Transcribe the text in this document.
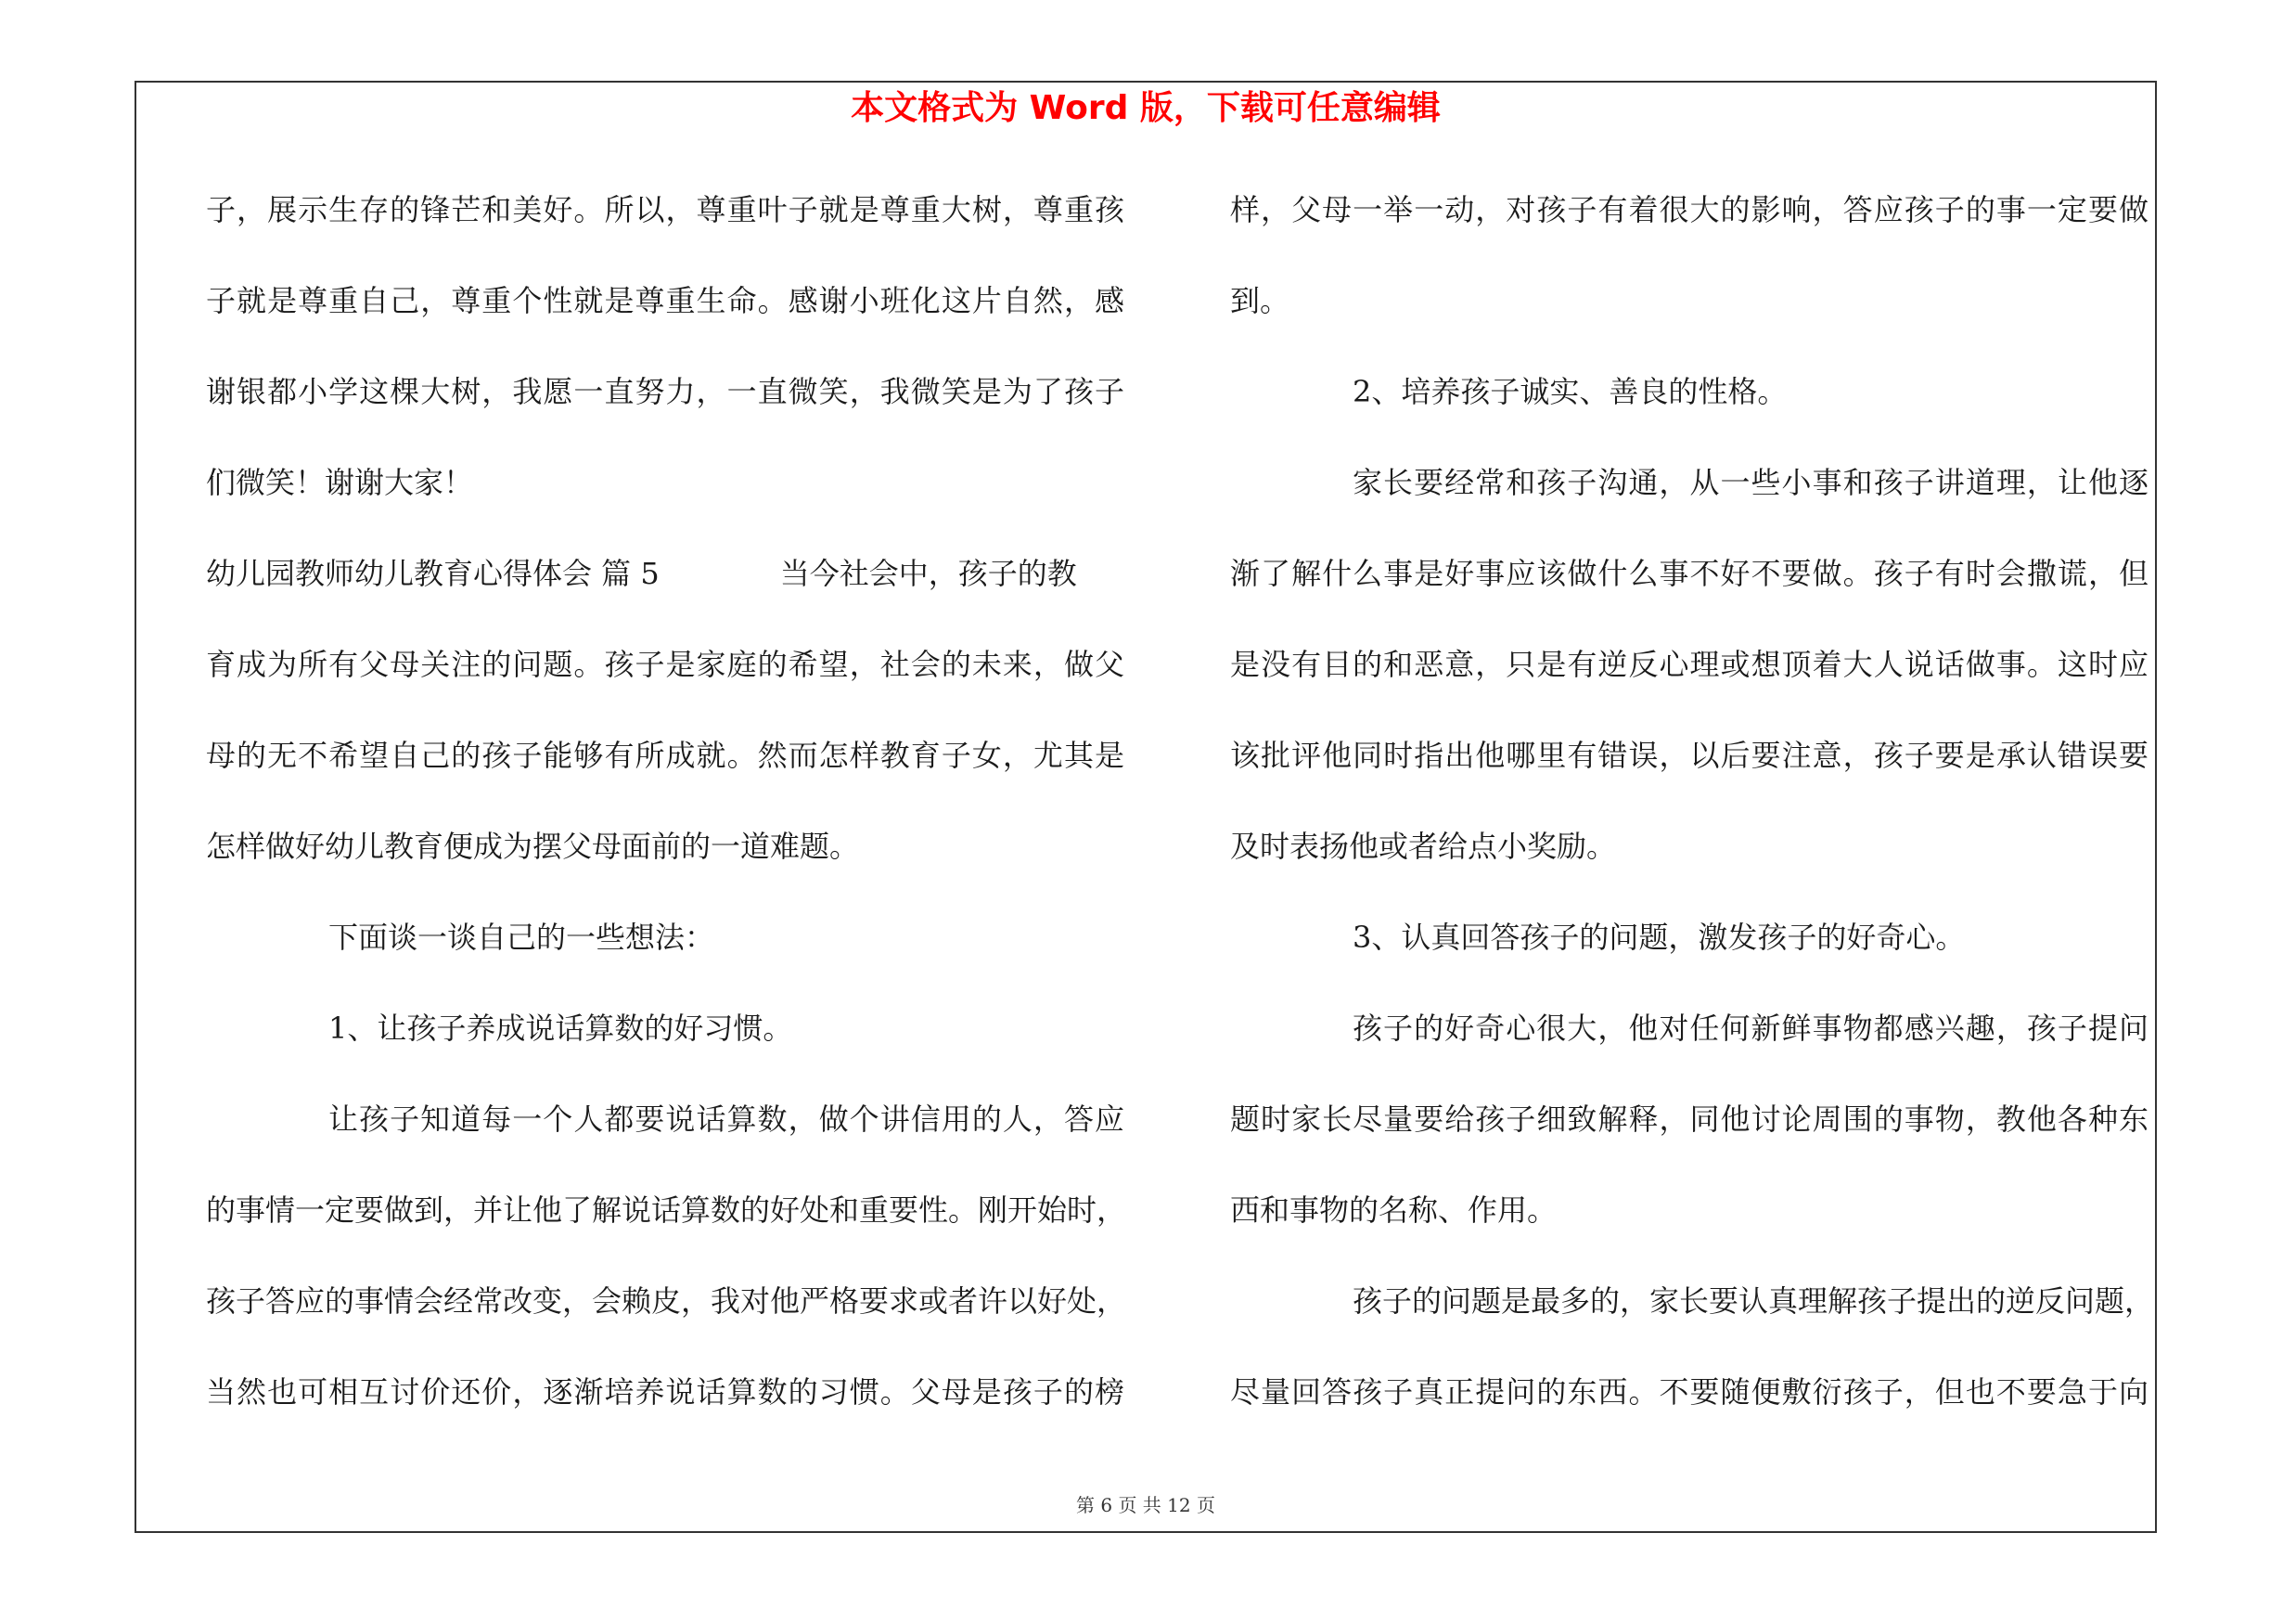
本文格式为 Word 版，下载可任意编辑
子，展示生存的锋芒和美好。所以，尊重叶子就是尊重大树，尊重孩
子就是尊重自己，尊重个性就是尊重生命。感谢小班化这片自然，感
谢银都小学这棵大树，我愿一直努力，一直微笑，我微笑是为了孩子
们微笑！谢谢大家！
幼儿园教师幼儿教育心得体会 篇 5	当今社会中，孩子的教
育成为所有父母关注的问题。孩子是家庭的希望，社会的未来，做父
母的无不希望自己的孩子能够有所成就。然而怎样教育子女，尤其是
怎样做好幼儿教育便成为摆父母面前的一道难题。
下面谈一谈自己的一些想法：
1、让孩子养成说话算数的好习惯。
让孩子知道每一个人都要说话算数，做个讲信用的人，答应
的事情一定要做到，并让他了解说话算数的好处和重要性。刚开始时，
孩子答应的事情会经常改变，会赖皮，我对他严格要求或者许以好处，
当然也可相互讨价还价，逐渐培养说话算数的习惯。父母是孩子的榜
样，父母一举一动，对孩子有着很大的影响，答应孩子的事一定要做
到。
2、培养孩子诚实、善良的性格。
家长要经常和孩子沟通，从一些小事和孩子讲道理，让他逐
渐了解什么事是好事应该做什么事不好不要做。孩子有时会撒谎，但
是没有目的和恶意，只是有逆反心理或想顶着大人说话做事。这时应
该批评他同时指出他哪里有错误，以后要注意，孩子要是承认错误要
及时表扬他或者给点小奖励。
3、认真回答孩子的问题，激发孩子的好奇心。
孩子的好奇心很大，他对任何新鲜事物都感兴趣，孩子提问
题时家长尽量要给孩子细致解释，同他讨论周围的事物，教他各种东
西和事物的名称、作用。
孩子的问题是最多的，家长要认真理解孩子提出的逆反问题，
尽量回答孩子真正提问的东西。不要随便敷衍孩子，但也不要急于向
第 6 页 共 12 页
